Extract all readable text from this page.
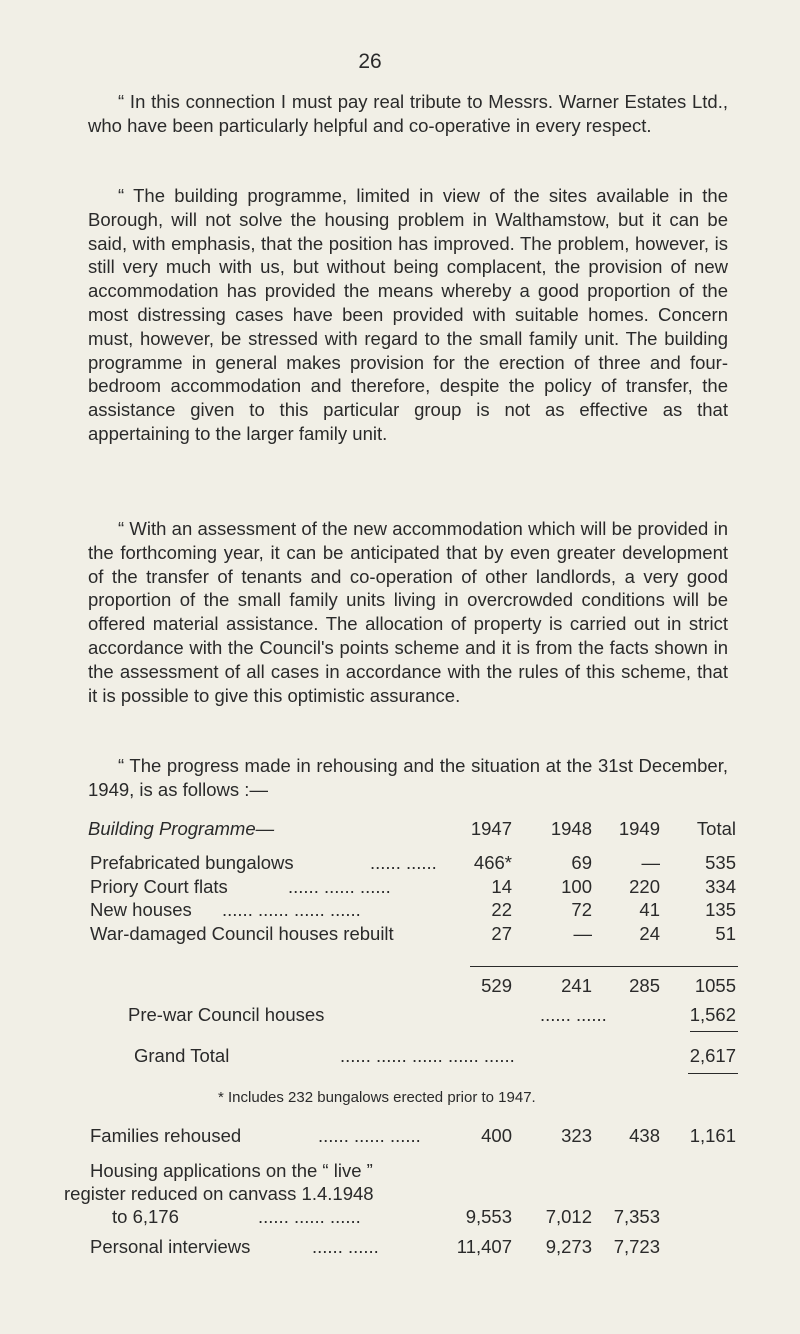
26

“ In this connection I must pay real tribute to Messrs. Warner Estates Ltd., who have been particularly helpful and co-operative in every respect.

“ The building programme, limited in view of the sites available in the Borough, will not solve the housing problem in Walthamstow, but it can be said, with emphasis, that the position has improved. The problem, however, is still very much with us, but without being complacent, the provision of new accommodation has provided the means whereby a good proportion of the most distressing cases have been provided with suitable homes. Concern must, however, be stressed with regard to the small family unit. The building programme in general makes provision for the erection of three and four-bedroom accommodation and therefore, despite the policy of transfer, the assistance given to this particular group is not as effective as that appertaining to the larger family unit.

“ With an assessment of the new accommodation which will be provided in the forthcoming year, it can be anticipated that by even greater development of the transfer of tenants and co-operation of other landlords, a very good proportion of the small family units living in overcrowded conditions will be offered material assistance. The allocation of property is carried out in strict accordance with the Council's points scheme and it is from the facts shown in the assessment of all cases in accordance with the rules of this scheme, that it is possible to give this optimistic assurance.

“ The progress made in rehousing and the situation at the 31st December, 1949, is as follows :—

Building Programme—	1947	1948	1949	Total
Prefabricated bungalows	...... ......	466*	69	—	535
Priory Court flats	...... ...... ......	14	100	220	334
New houses ...... ...... ...... ......	22	72	41	135
War-damaged Council houses rebuilt	27	—	24	51
529	241	285	1055
Pre-war Council houses	...... ......	1,562
Grand Total	...... ...... ...... ...... ......	2,617
* Includes 232 bungalows erected prior to 1947.
Families rehoused	...... ...... ......	400	323	438	1,161
Housing applications on the “ live ”
register reduced on canvass 1.4.1948
to 6,176	...... ...... ......	9,553	7,012	7,353
Personal interviews	...... ......	11,407	9,273	7,723
